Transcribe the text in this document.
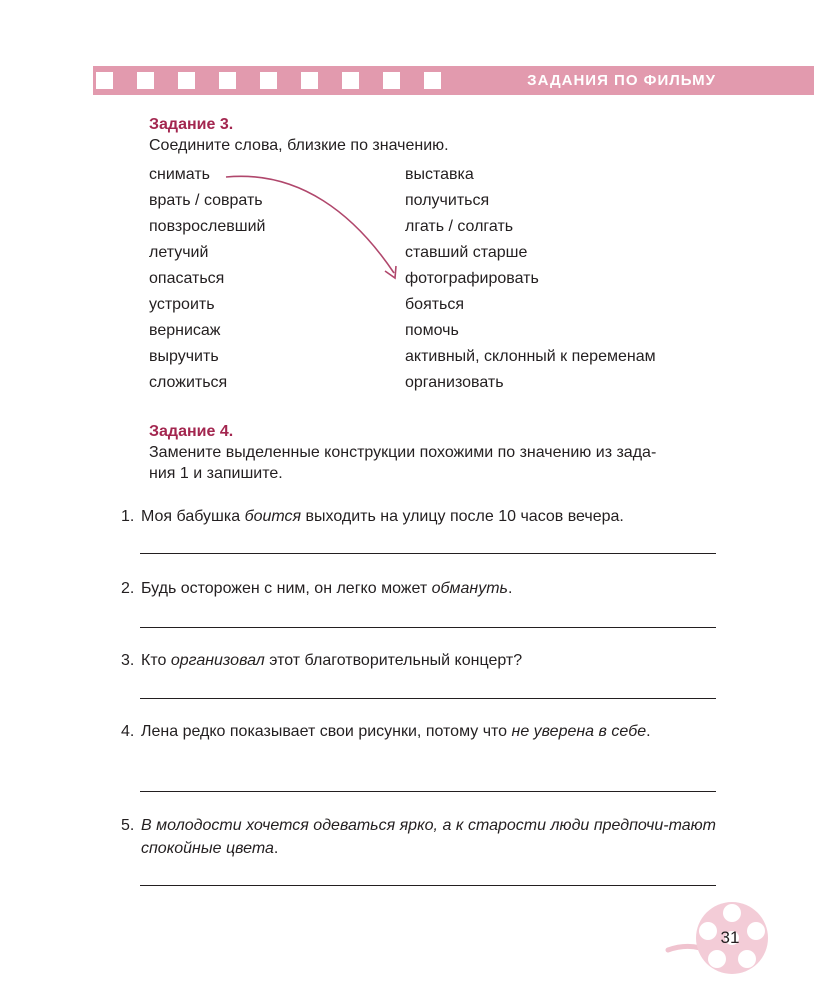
ЗАДАНИЯ ПО ФИЛЬМУ
Задание 3.
Соедините слова, близкие по значению.
снимать
врать / соврать
повзрослевший
летучий
опасаться
устроить
вернисаж
выручить
сложиться
выставка
получиться
лгать / солгать
ставший старше
фотографировать
бояться
помочь
активный, склонный к переменам
организовать
Задание 4.
Замените выделенные конструкции похожими по значению из зада-
ния 1 и запишите.
1. Моя бабушка боится выходить на улицу после 10 часов вечера.
2. Будь осторожен с ним, он легко может обмануть.
3. Кто организовал этот благотворительный концерт?
4. Лена редко показывает свои рисунки, потому что не уверена в себе.
5. В молодости хочется одеваться ярко, а к старости люди предпочи-тают спокойные цвета.
31
